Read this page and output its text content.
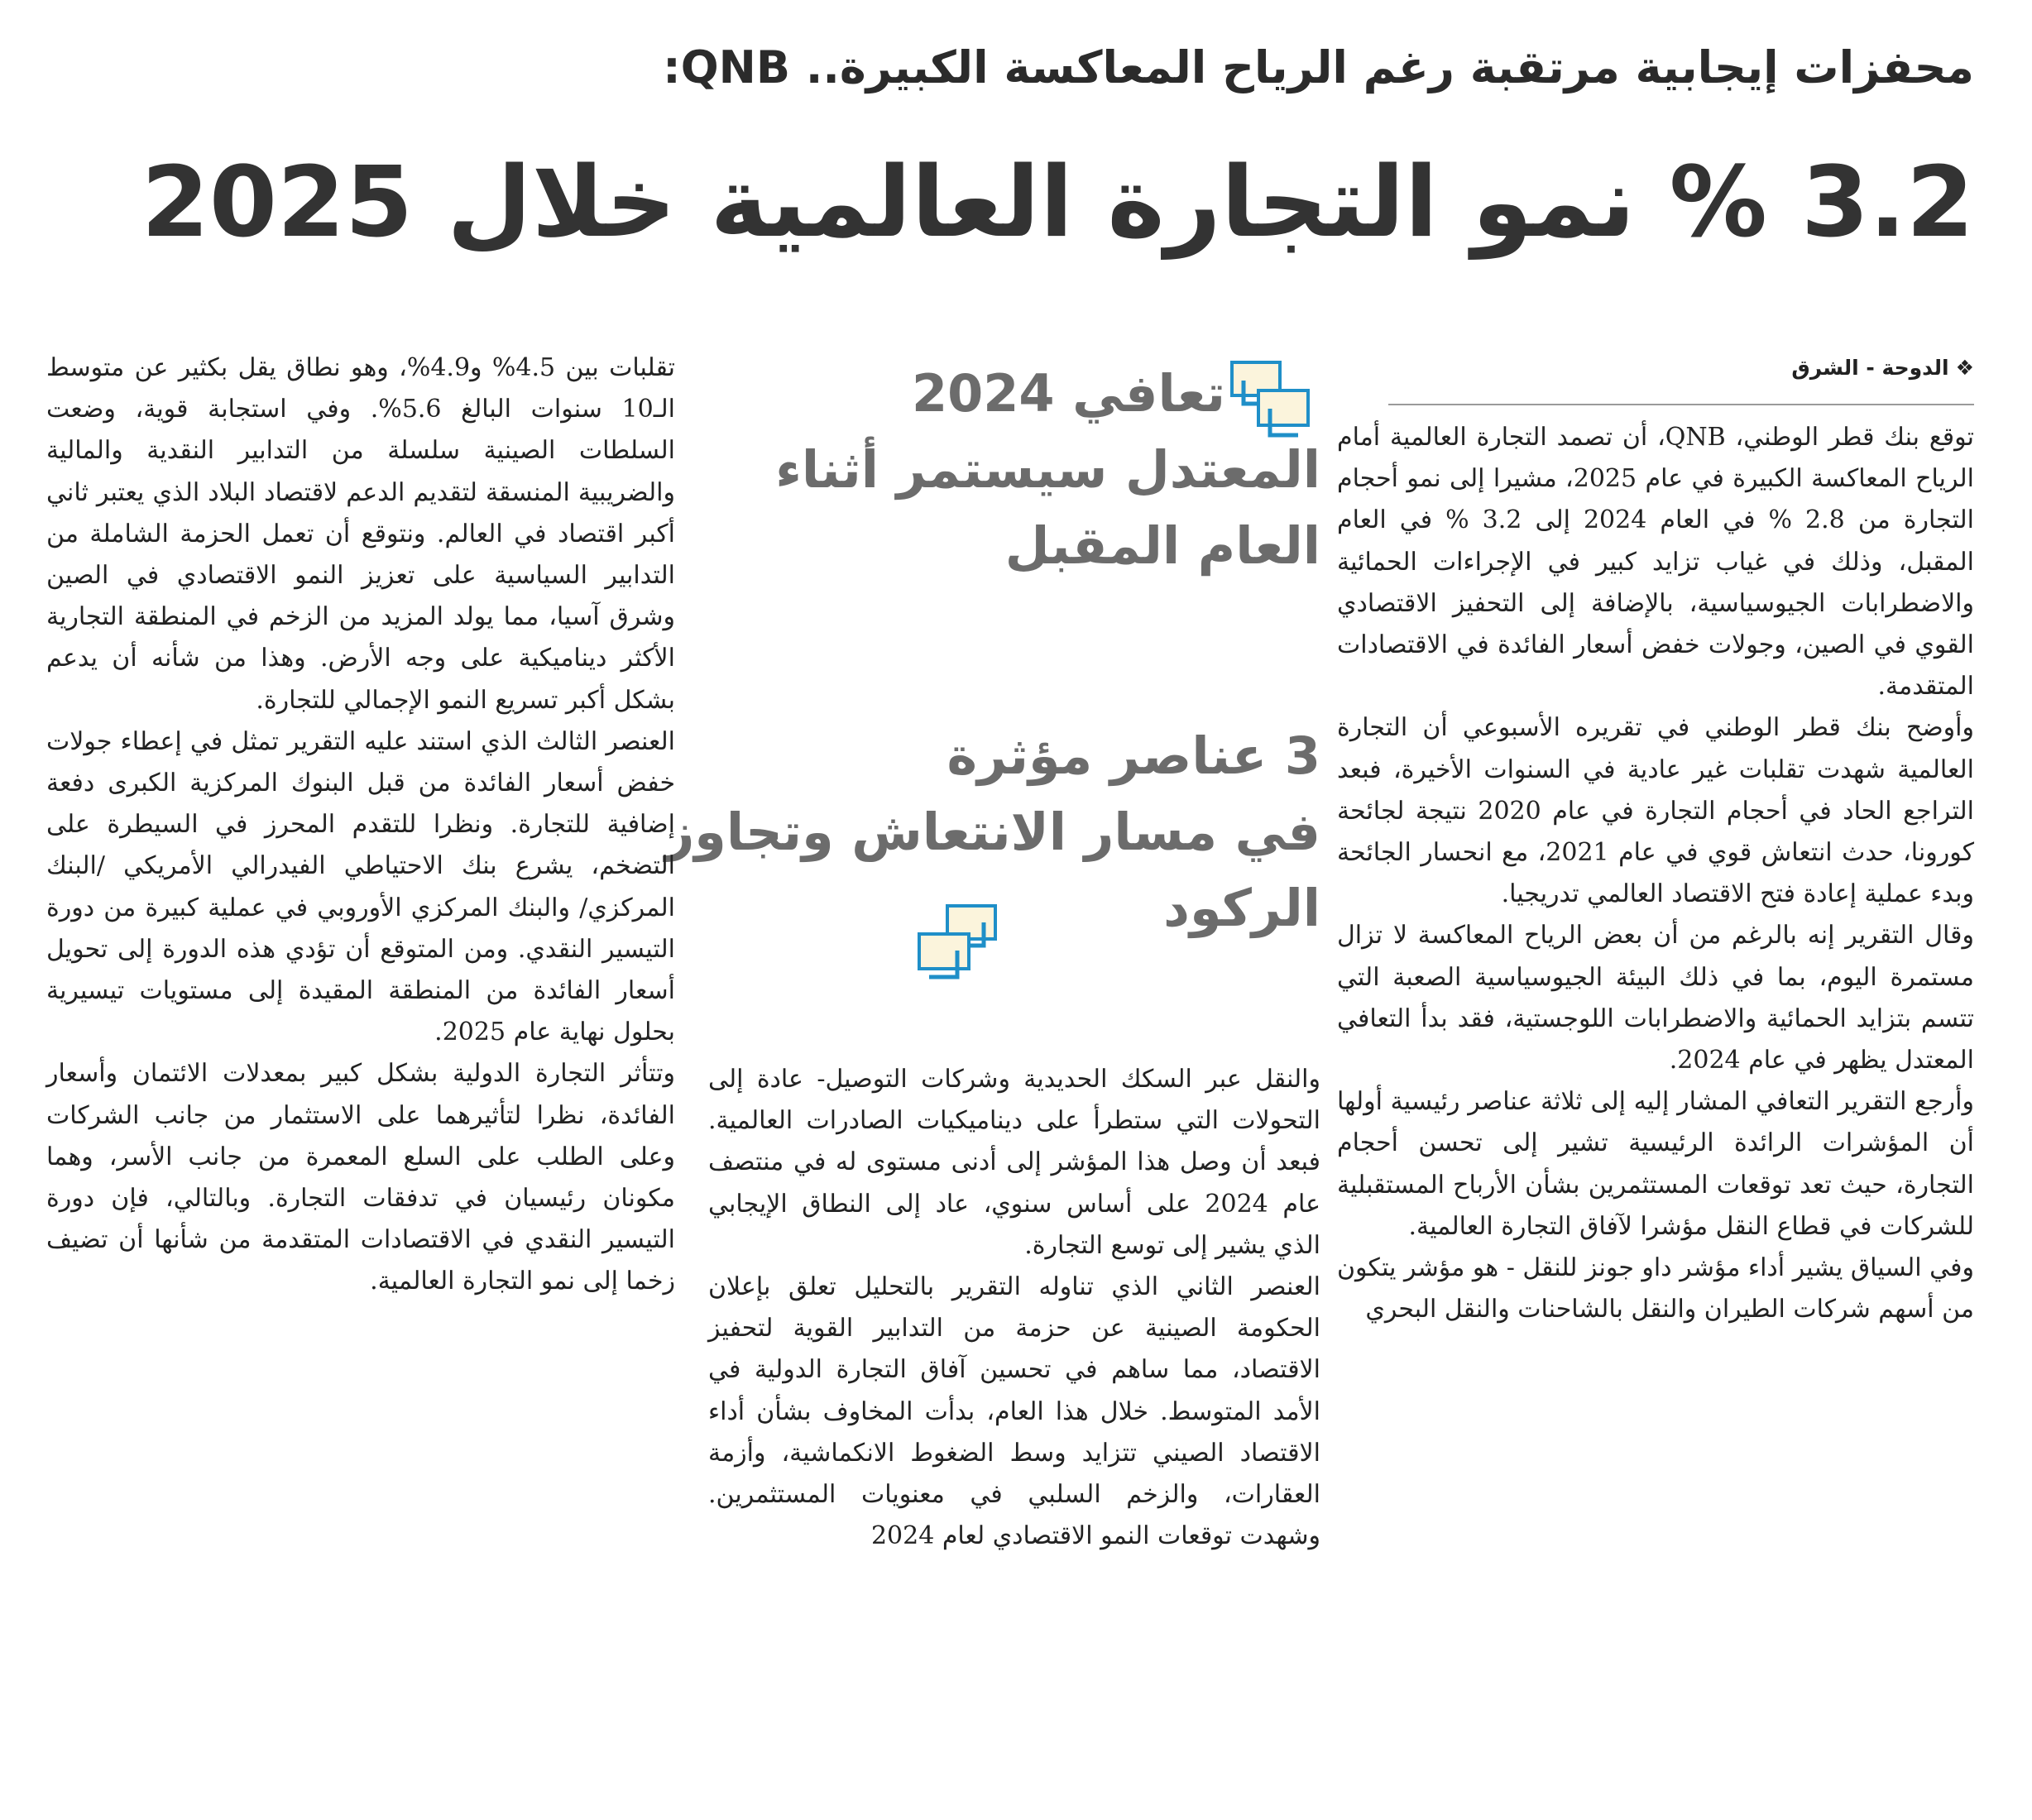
محفزات إيجابية مرتقبة رغم الرياح المعاكسة الكبيرة.. QNB:
3.2 % نمو التجارة العالمية خلال 2025
❖الدوحة - الشرق

توقع بنك قطر الوطني، QNB، أن تصمد التجارة العالمية أمام الرياح المعاكسة الكبيرة في عام 2025، مشيرا إلى نمو أحجام التجارة من 2.8 % في العام 2024 إلى 3.2 % في العام المقبل، وذلك في غياب تزايد كبير في الإجراءات الحمائية والاضطرابات الجيوسياسية، بالإضافة إلى التحفيز الاقتصادي القوي في الصين، وجولات خفض أسعار الفائدة في الاقتصادات المتقدمة.

وأوضح بنك قطر الوطني في تقريره الأسبوعي أن التجارة العالمية شهدت تقلبات غير عادية في السنوات الأخيرة، فبعد التراجع الحاد في أحجام التجارة في عام 2020 نتيجة لجائحة كورونا، حدث انتعاش قوي في عام 2021، مع انحسار الجائحة وبدء عملية إعادة فتح الاقتصاد العالمي تدريجيا.

وقال التقرير إنه بالرغم من أن بعض الرياح المعاكسة لا تزال مستمرة اليوم، بما في ذلك البيئة الجيوسياسية الصعبة التي تتسم بتزايد الحمائية والاضطرابات اللوجستية، فقد بدأ التعافي المعتدل يظهر في عام 2024.

وأرجع التقرير التعافي المشار إليه إلى ثلاثة عناصر رئيسية أولها أن المؤشرات الرائدة الرئيسية تشير إلى تحسن أحجام التجارة، حيث تعد توقعات المستثمرين بشأن الأرباح المستقبلية للشركات في قطاع النقل مؤشرا لآفاق التجارة العالمية.

وفي السياق يشير أداء مؤشر داو جونز للنقل - هو مؤشر يتكون من أسهم شركات الطيران والنقل بالشاحنات والنقل البحري

تعافي 2024
المعتدل سيستمر أثناء
العام المقبل
3 عناصر مؤثرة
في مسار الانتعاش وتجاوز
الركود

والنقل عبر السكك الحديدية وشركات التوصيل- عادة إلى التحولات التي ستطرأ على ديناميكيات الصادرات العالمية. فبعد أن وصل هذا المؤشر إلى أدنى مستوى له في منتصف عام 2024 على أساس سنوي، عاد إلى النطاق الإيجابي الذي يشير إلى توسع التجارة.

العنصر الثاني الذي تناوله التقرير بالتحليل تعلق بإعلان الحكومة الصينية عن حزمة من التدابير القوية لتحفيز الاقتصاد، مما ساهم في تحسين آفاق التجارة الدولية في الأمد المتوسط. خلال هذا العام، بدأت المخاوف بشأن أداء الاقتصاد الصيني تتزايد وسط الضغوط الانكماشية، وأزمة العقارات، والزخم السلبي في معنويات المستثمرين. وشهدت توقعات النمو الاقتصادي لعام 2024

تقلبات بين 4.5% و4.9%، وهو نطاق يقل بكثير عن متوسط الـ10 سنوات البالغ 5.6%. وفي استجابة قوية، وضعت السلطات الصينية سلسلة من التدابير النقدية والمالية والضريبية المنسقة لتقديم الدعم لاقتصاد البلاد الذي يعتبر ثاني أكبر اقتصاد في العالم. ونتوقع أن تعمل الحزمة الشاملة من التدابير السياسية على تعزيز النمو الاقتصادي في الصين وشرق آسيا، مما يولد المزيد من الزخم في المنطقة التجارية الأكثر ديناميكية على وجه الأرض. وهذا من شأنه أن يدعم بشكل أكبر تسريع النمو الإجمالي للتجارة.

العنصر الثالث الذي استند عليه التقرير تمثل في إعطاء جولات خفض أسعار الفائدة من قبل البنوك المركزية الكبرى دفعة إضافية للتجارة. ونظرا للتقدم المحرز في السيطرة على التضخم، يشرع بنك الاحتياطي الفيدرالي الأمريكي /البنك المركزي/ والبنك المركزي الأوروبي في عملية كبيرة من دورة التيسير النقدي. ومن المتوقع أن تؤدي هذه الدورة إلى تحويل أسعار الفائدة من المنطقة المقيدة إلى مستويات تيسيرية بحلول نهاية عام 2025.

وتتأثر التجارة الدولية بشكل كبير بمعدلات الائتمان وأسعار الفائدة، نظرا لتأثيرهما على الاستثمار من جانب الشركات وعلى الطلب على السلع المعمرة من جانب الأسر، وهما مكونان رئيسيان في تدفقات التجارة. وبالتالي، فإن دورة التيسير النقدي في الاقتصادات المتقدمة من شأنها أن تضيف زخما إلى نمو التجارة العالمية.
